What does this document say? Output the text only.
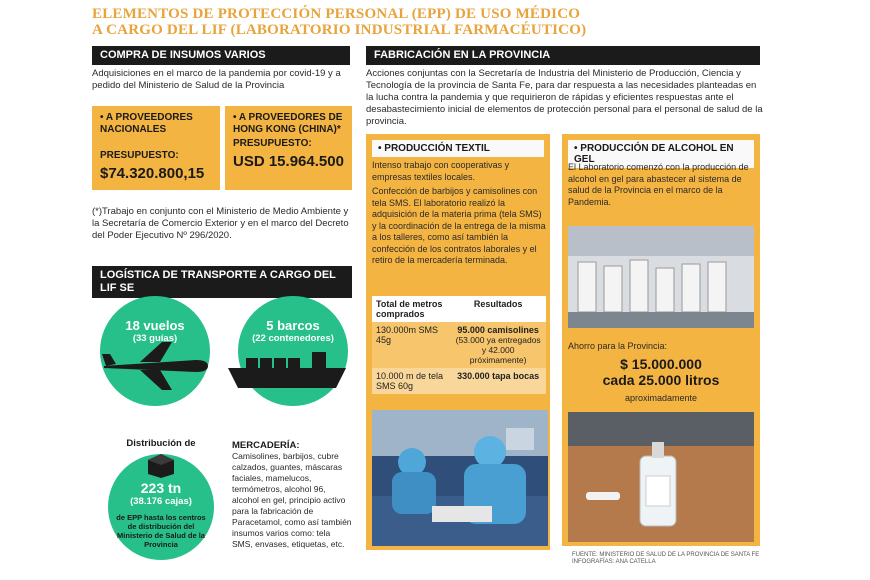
ELEMENTOS DE PROTECCIÓN PERSONAL (EPP) DE USO MÉDICO
A CARGO DEL LIF (LABORATORIO INDUSTRIAL FARMACÉUTICO)
COMPRA DE INSUMOS VARIOS
Adquisiciones en el marco de la pandemia por covid-19 y a pedido del Ministerio de Salud de la Provincia
• A PROVEEDORES NACIONALES
PRESUPUESTO:
$74.320.800,15
• A PROVEEDORES DE HONG KONG (CHINA)*
PRESUPUESTO:
USD 15.964.500
(*)Trabajo en conjunto con el Ministerio de Medio Ambiente y la Secretaría de Comercio Exterior y en el marco del Decreto del Poder Ejecutivo Nº 296/2020.
LOGÍSTICA DE TRANSPORTE A CARGO DEL LIF SE
18 vuelos
(33 guías)
5 barcos
(22 contenedores)
Distribución de
223 tn
(38.176 cajas)
de EPP hasta los centros de distribución del Ministerio de Salud de la Provincia
MERCADERÍA:
Camisolines, barbijos, cubre calzados, guantes, máscaras faciales, mamelucos, termómetros, alcohol 96, alcohol en gel, principio activo para la fabricación de Paracetamol, como así también insumos varios como: tela SMS, envases, etiquetas, etc.
FABRICACIÓN EN LA PROVINCIA
Acciones conjuntas con la Secretaría de Industria del Ministerio de Producción, Ciencia y Tecnología de la provincia de Santa Fe, para dar respuesta a las necesidades planteadas en la lucha contra la pandemia y que requirieron de rápidas y eficientes respuestas ante el desabastecimiento inicial de elementos de protección personal para el personal de salud de la provincia.
• PRODUCCIÓN TEXTIL
Intenso trabajo con cooperativas y empresas textiles locales.
Confección de barbijos y camisolines con tela SMS. El laboratorio realizó la adquisición de la materia prima (tela SMS) y la coordinación de la entrega de la misma a los talleres, como así también la confección de los contratos laborales y el retiro de la mercadería terminada.
Total de metros comprados	Resultados
130.000m SMS 45g	95.000 camisolines
(53.000 ya entregados y 42.000 próximamente)

10.000 m de tela SMS 60g	330.000 tapa bocas
• PRODUCCIÓN DE ALCOHOL EN GEL
El Laboratorio comenzó con la producción de alcohol en gel para abastecer al sistema de salud de la Provincia en el marco de la Pandemia.
Ahorro para la Provincia:
$ 15.000.000
cada 25.000 litros
aproximadamente
FUENTE: MINISTERIO DE SALUD DE LA PROVINCIA DE SANTA FE
INFOGRAFÍAS: ANA CATELLA
